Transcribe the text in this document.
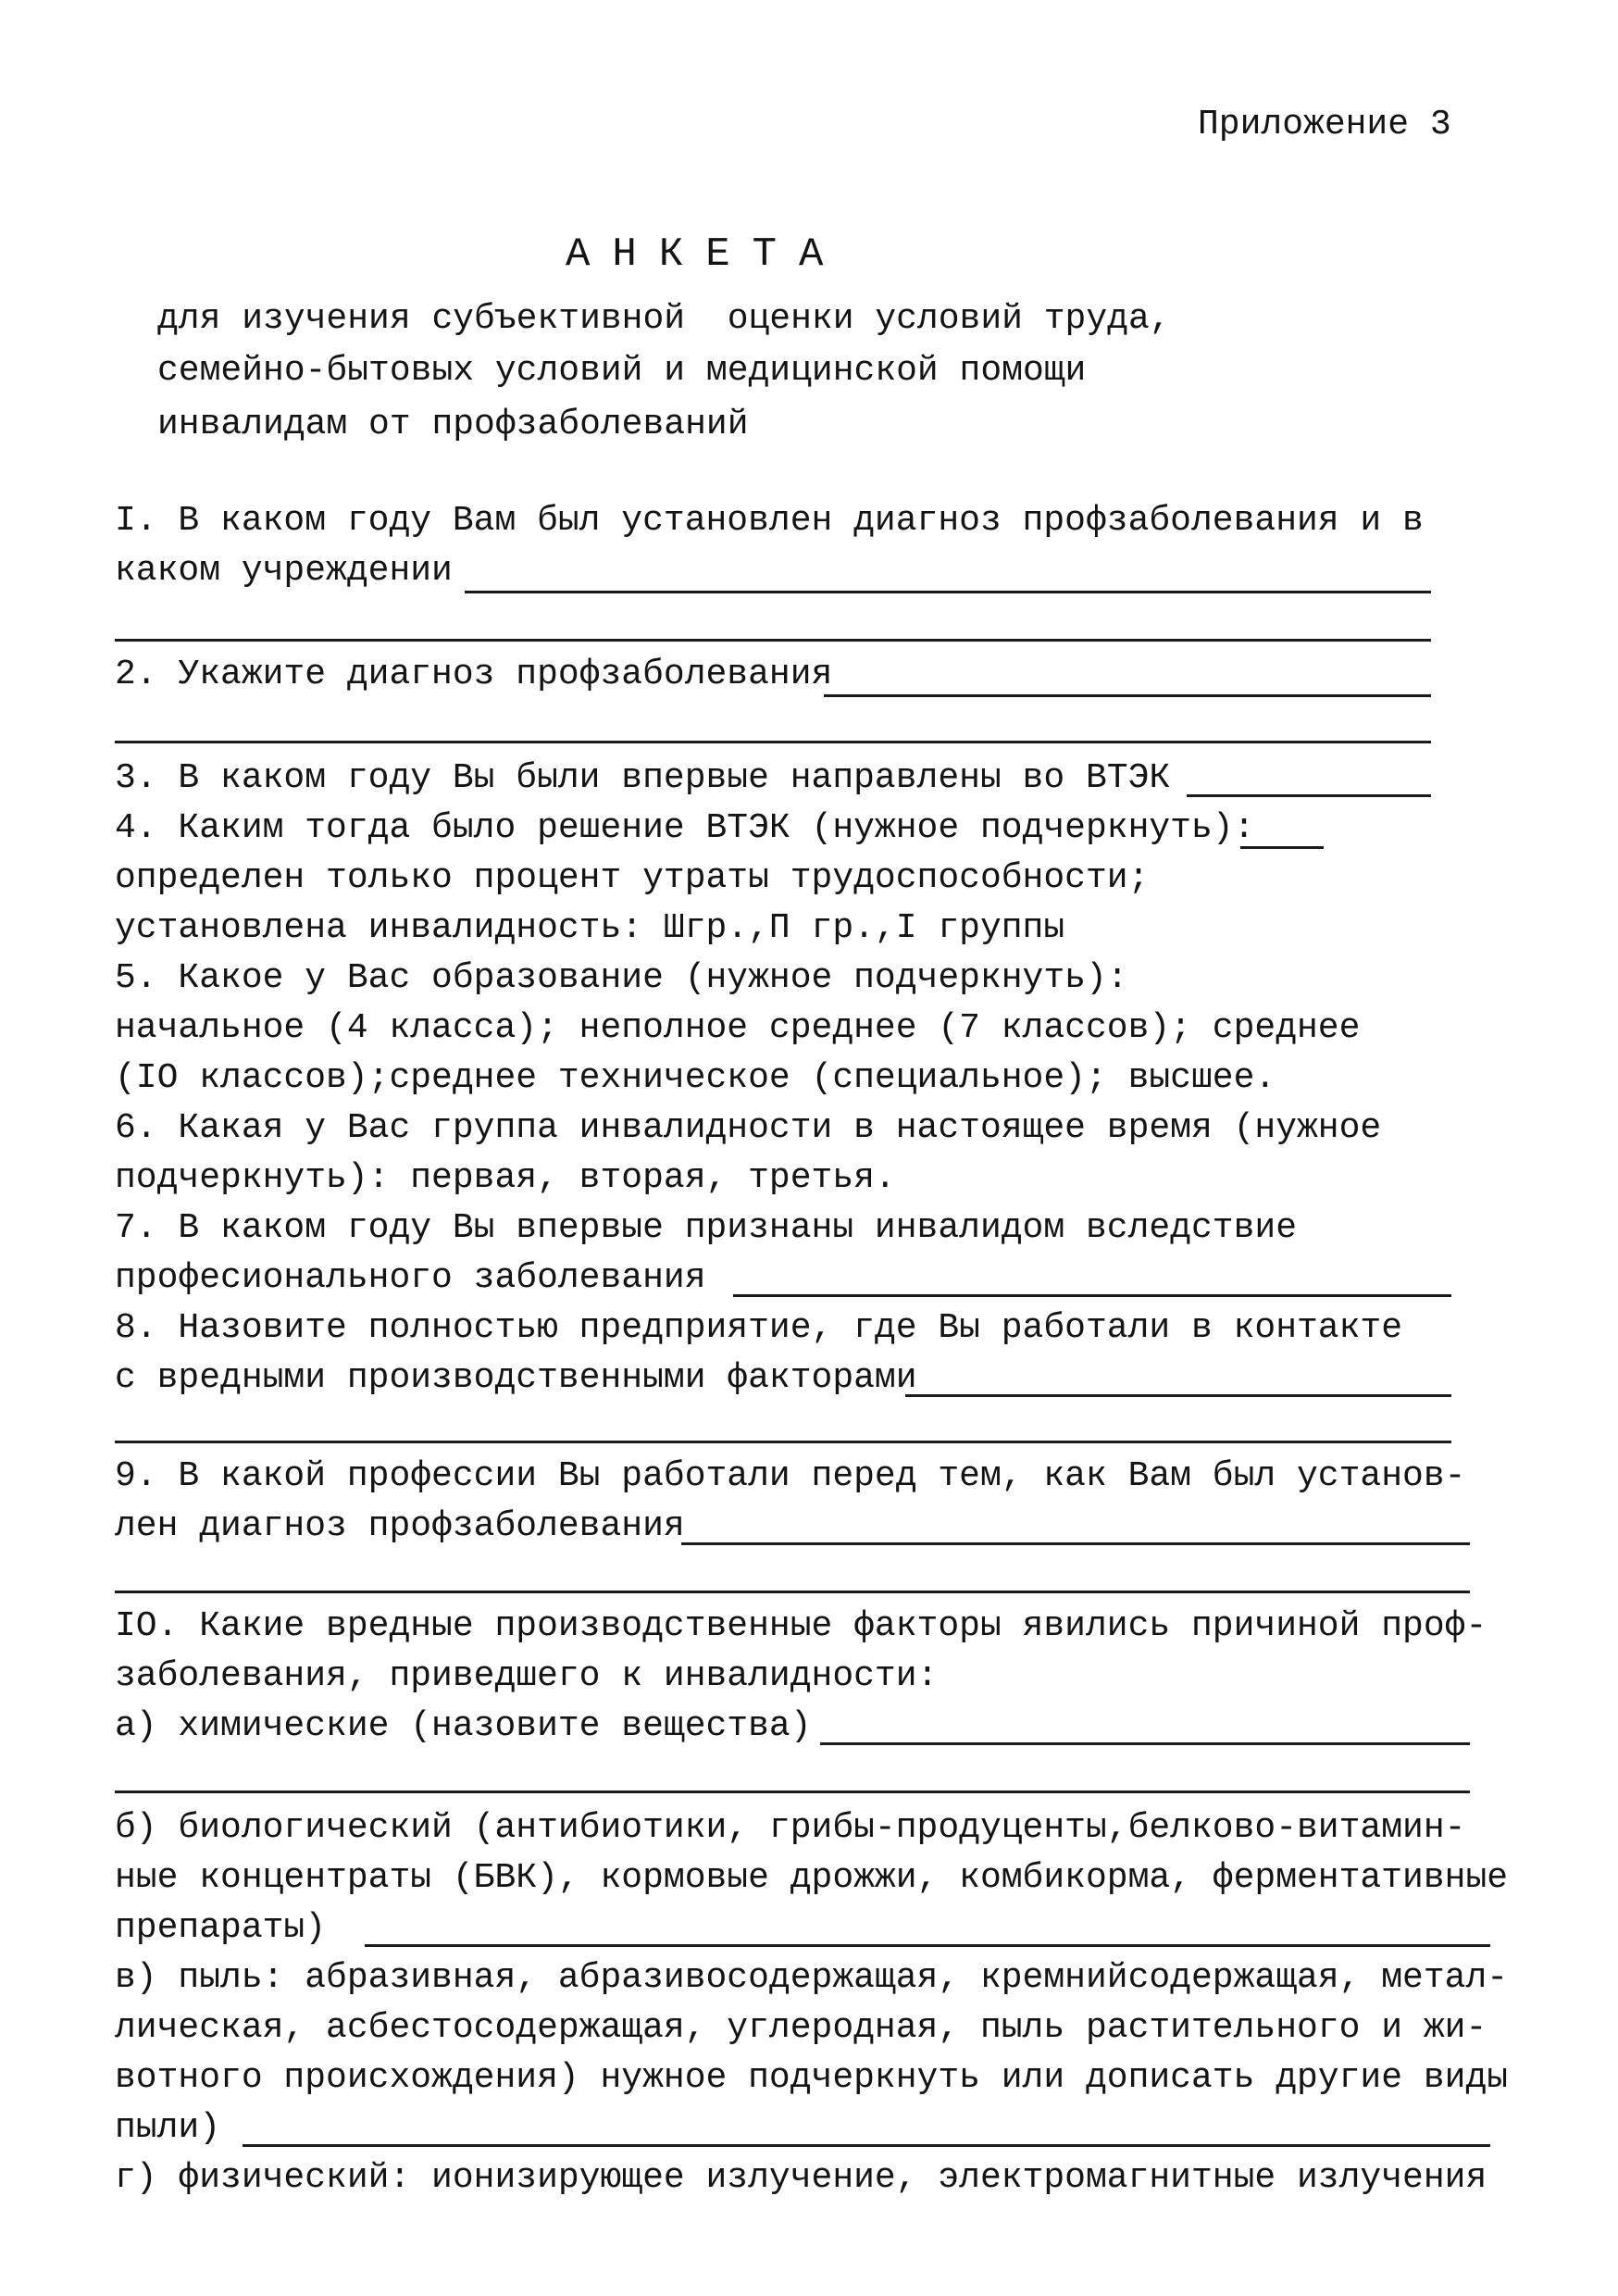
Приложение 3
АНКЕТА
для изучения субъективной  оценки условий труда,
семейно-бытовых условий и медицинской помощи
инвалидам от профзаболеваний
I. В каком году Вам был установлен диагноз профзаболевания и в
каком учреждении
2. Укажите диагноз профзаболевания
3. В каком году Вы были впервые направлены во ВТЭК
4. Каким тогда было решение ВТЭК (нужное подчеркнуть):
определен только процент утраты трудоспособности;
установлена инвалидность: Шгр.,П гр.,I группы
5. Какое у Вас образование (нужное подчеркнуть):
начальное (4 класса); неполное среднее (7 классов); среднее
(IO классов);среднее техническое (специальное); высшее.
6. Какая у Вас группа инвалидности в настоящее время (нужное
подчеркнуть): первая, вторая, третья.
7. В каком году Вы впервые признаны инвалидом вследствие
професионального заболевания
8. Назовите полностью предприятие, где Вы работали в контакте
с вредными производственными факторами
9. В какой профессии Вы работали перед тем, как Вам был установ-
лен диагноз профзаболевания
IO. Какие вредные производственные факторы явились причиной проф-
заболевания, приведшего к инвалидности:
а) химические (назовите вещества)
б) биологический (антибиотики, грибы-продуценты,белково-витамин-
ные концентраты (БВК), кормовые дрожжи, комбикорма, ферментативные
препараты)
в) пыль: абразивная, абразивосодержащая, кремнийсодержащая, метал-
лическая, асбестосодержащая, углеродная, пыль растительного и жи-
вотного происхождения) нужное подчеркнуть или дописать другие виды
пыли)
г) физический: ионизирующее излучение, электромагнитные излучения
